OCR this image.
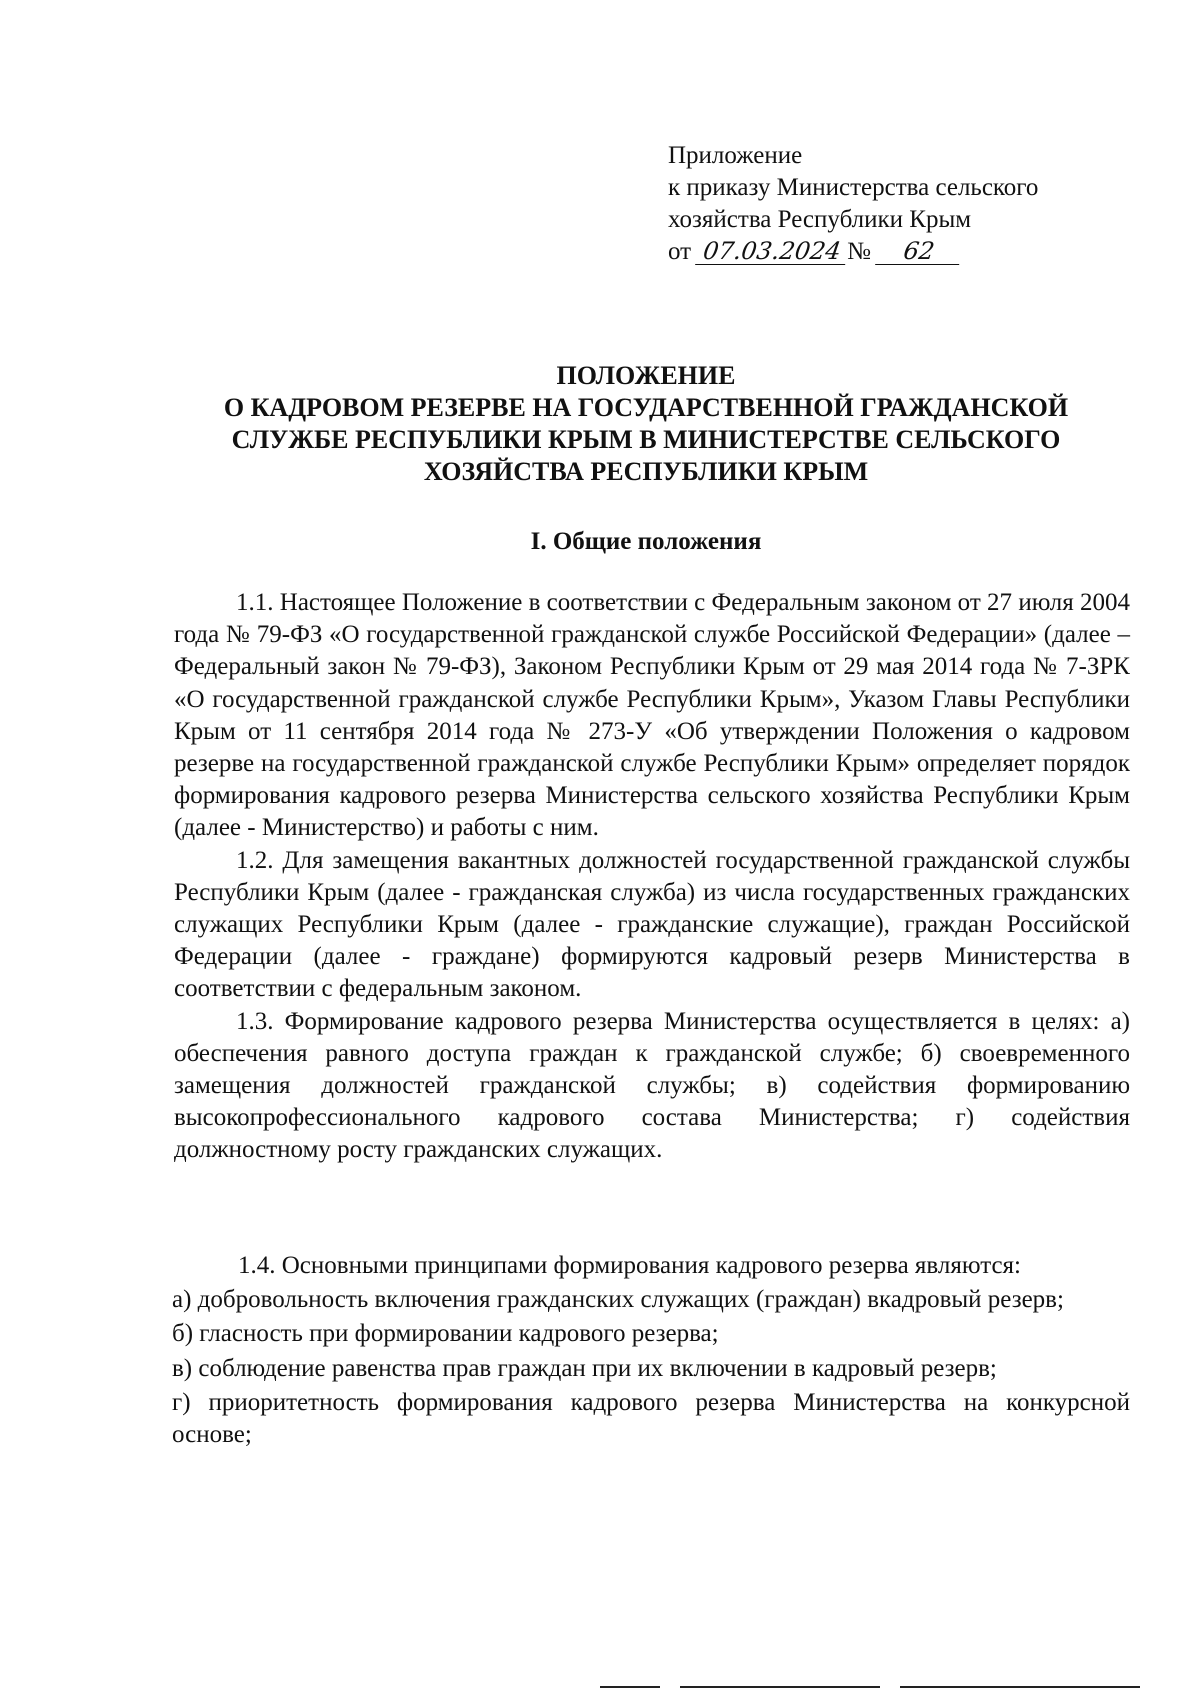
Приложение
к приказу Министерства сельского
хозяйства Республики Крым
от 07.03.2024 № 62
ПОЛОЖЕНИЕ
О КАДРОВОМ РЕЗЕРВЕ НА ГОСУДАРСТВЕННОЙ ГРАЖДАНСКОЙ
СЛУЖБЕ РЕСПУБЛИКИ КРЫМ В МИНИСТЕРСТВЕ СЕЛЬСКОГО
ХОЗЯЙСТВА РЕСПУБЛИКИ КРЫМ
I. Общие положения

1.1. Настоящее Положение в соответствии с Федеральным законом от 27 июля 2004 года № 79-ФЗ «О государственной гражданской службе Российской Федерации» (далее – Федеральный закон № 79-ФЗ), Законом Республики Крым от 29 мая 2014 года № 7-ЗРК «О государственной гражданской службе Республики Крым», Указом Главы Республики Крым от 11 сентября 2014 года № 273-У «Об утверждении Положения о кадровом резерве на государственной гражданской службе Республики Крым» определяет порядок формирования кадрового резерва Министерства сельского хозяйства Республики Крым (далее - Министерство) и работы с ним.

1.2. Для замещения вакантных должностей государственной гражданской службы Республики Крым (далее - гражданская служба) из числа государственных гражданских служащих Республики Крым (далее - гражданские служащие), граждан Российской Федерации (далее - граждане) формируются кадровый резерв Министерства в соответствии с федеральным законом.

1.3. Формирование кадрового резерва Министерства осуществляется в целях: а) обеспечения равного доступа граждан к гражданской службе; б) своевременного замещения должностей гражданской службы; в) содействия формированию высокопрофессионального кадрового состава Министерства; г) содействия должностному росту гражданских служащих.

1.4. Основными принципами формирования кадрового резерва являются:

а) добровольность включения гражданских служащих (граждан) вкадровый резерв;

б) гласность при формировании кадрового резерва;

в) соблюдение равенства прав граждан при их включении в кадровый резерв;

г) приоритетность формирования кадрового резерва Министерства на конкурсной основе;
